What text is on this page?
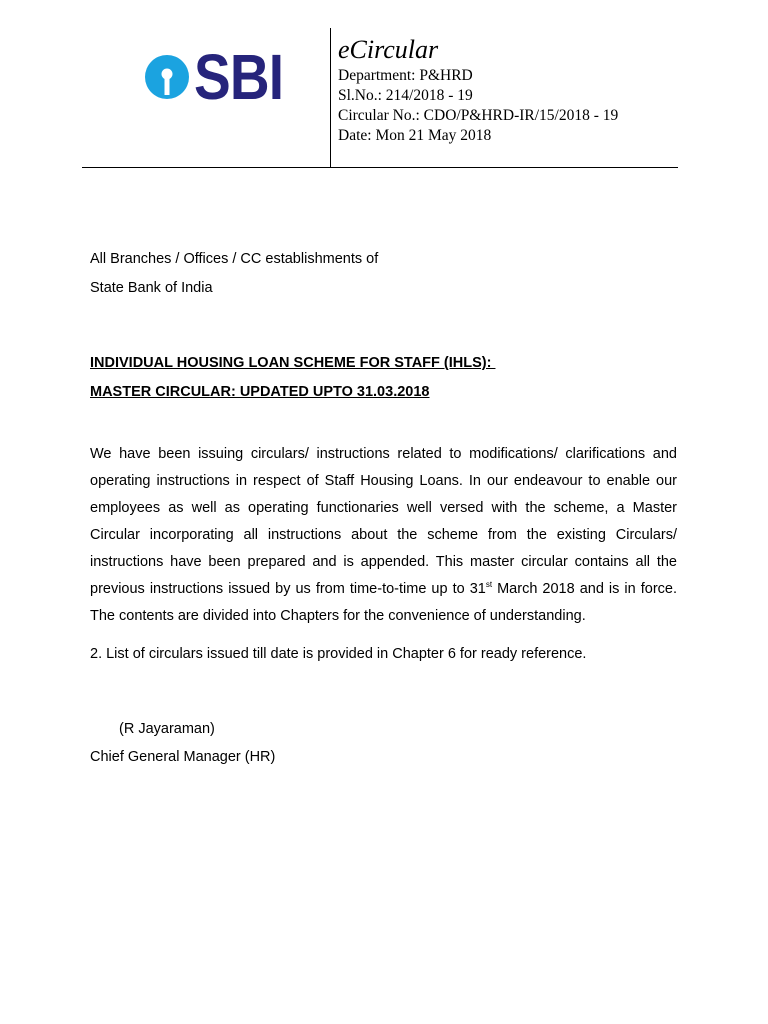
SBI eCircular
Department: P&HRD
Sl.No.: 214/2018 - 19
Circular No.: CDO/P&HRD-IR/15/2018 - 19
Date: Mon 21 May 2018
All Branches / Offices / CC establishments of
State Bank of India
INDIVIDUAL HOUSING LOAN SCHEME FOR STAFF (IHLS):
MASTER CIRCULAR: UPDATED UPTO 31.03.2018
We have been issuing circulars/ instructions related to modifications/ clarifications and operating instructions in respect of Staff Housing Loans. In our endeavour to enable our employees as well as operating functionaries well versed with the scheme, a Master Circular incorporating all instructions about the scheme from the existing Circulars/ instructions have been prepared and is appended. This master circular contains all the previous instructions issued by us from time-to-time up to 31st March 2018 and is in force. The contents are divided into Chapters for the convenience of understanding.
2. List of circulars issued till date is provided in Chapter 6 for ready reference.
(R Jayaraman)
Chief General Manager (HR)
